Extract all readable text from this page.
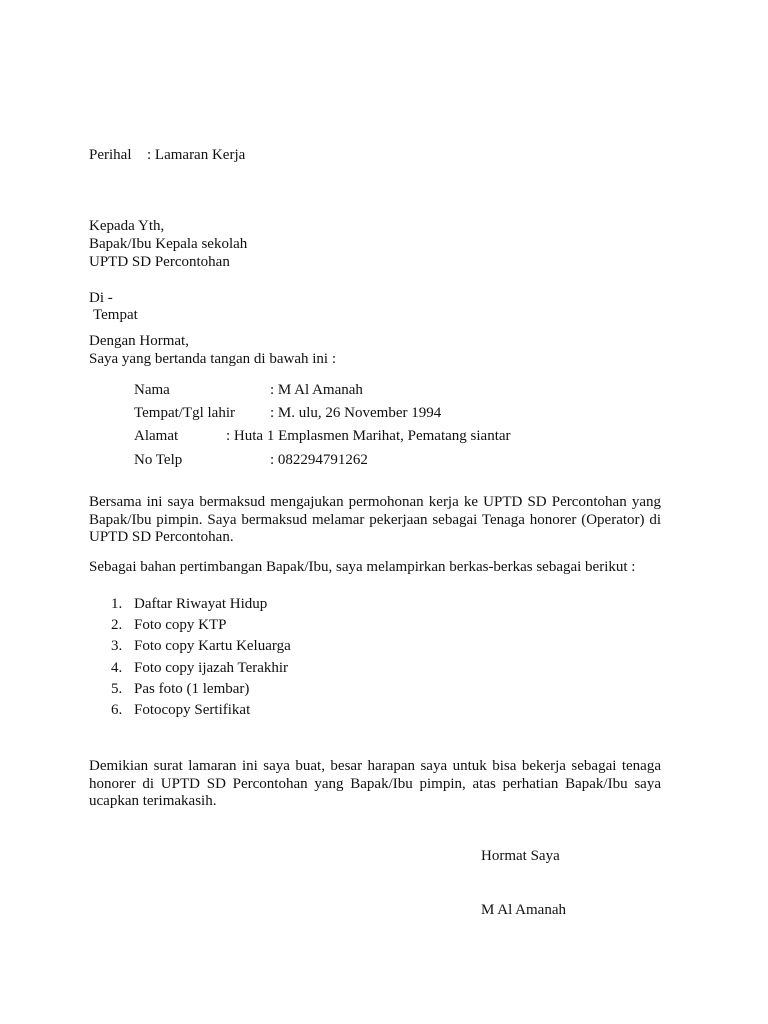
Perihal : Lamaran Kerja
Kepada Yth,
Bapak/Ibu Kepala sekolah
UPTD SD Percontohan
Di -
Tempat
Dengan Hormat,
Saya yang bertanda tangan di bawah ini :
Nama	: M Al Amanah
Tempat/Tgl lahir : M. ulu, 26 November 1994
Alamat	: Huta 1 Emplasmen Marihat, Pematang siantar
No Telp	: 082294791262

Bersama ini saya bermaksud mengajukan permohonan kerja ke UPTD SD Percontohan yang Bapak/Ibu pimpin. Saya bermaksud melamar pekerjaan sebagai Tenaga honorer (Operator) di UPTD SD Percontohan.

Sebagai bahan pertimbangan Bapak/Ibu, saya melampirkan berkas-berkas sebagai berikut :
1. Daftar Riwayat Hidup
2. Foto copy KTP
3. Foto copy Kartu Keluarga
4. Foto copy ijazah Terakhir
5. Pas foto (1 lembar)
6. Fotocopy Sertifikat

Demikian surat lamaran ini saya buat, besar harapan saya untuk bisa bekerja sebagai tenaga honorer di UPTD SD Percontohan yang Bapak/Ibu pimpin, atas perhatian Bapak/Ibu saya ucapkan terimakasih.

Hormat Saya
M Al Amanah
